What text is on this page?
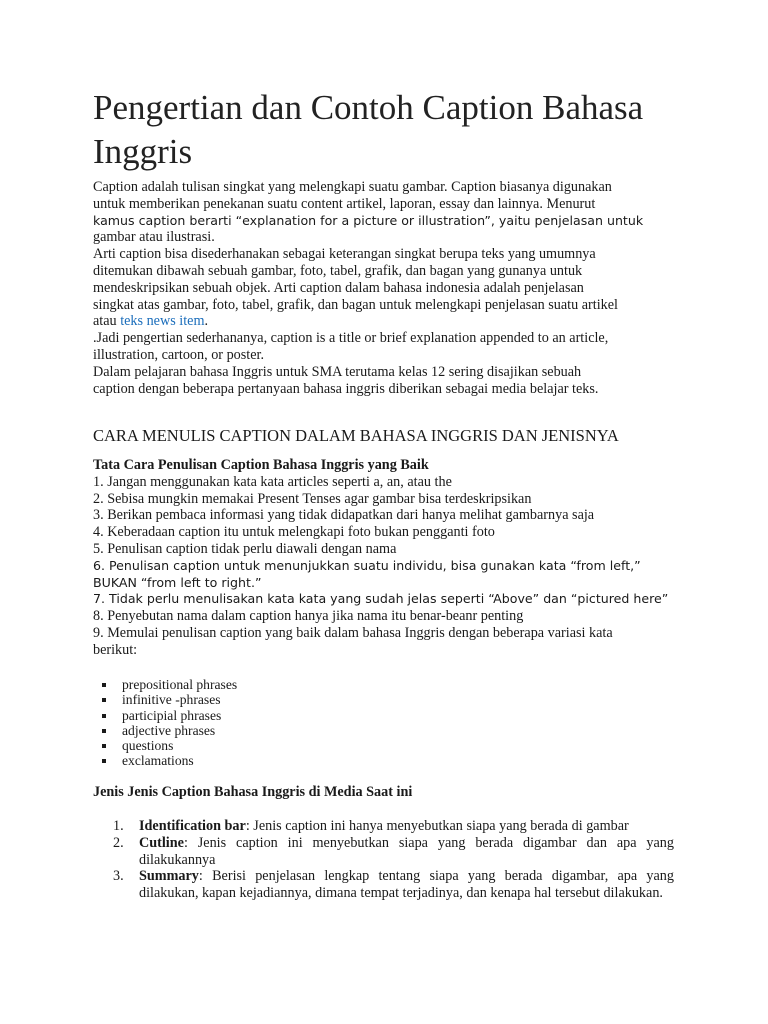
Pengertian dan Contoh Caption Bahasa Inggris
Caption adalah tulisan singkat yang melengkapi suatu gambar. Caption biasanya digunakan
untuk memberikan penekanan suatu content artikel, laporan, essay dan lainnya. Menurut
kamus caption berarti “explanation for a picture or illustration”, yaitu penjelasan untuk
gambar atau ilustrasi.
Arti caption bisa disederhanakan sebagai keterangan singkat berupa teks yang umumnya
ditemukan dibawah sebuah gambar, foto, tabel, grafik, dan bagan yang gunanya untuk
mendeskripsikan sebuah objek. Arti caption dalam bahasa indonesia adalah penjelasan
singkat atas gambar, foto, tabel, grafik, dan bagan untuk melengkapi penjelasan suatu artikel
atau teks news item.
.Jadi pengertian sederhananya, caption is a title or brief explanation appended to an article,
illustration, cartoon, or poster.
Dalam pelajaran bahasa Inggris untuk SMA terutama kelas 12 sering disajikan sebuah
caption dengan beberapa pertanyaan bahasa inggris diberikan sebagai media belajar teks.
CARA MENULIS CAPTION DALAM BAHASA INGGRIS DAN JENISNYA
Tata Cara Penulisan Caption Bahasa Inggris yang Baik
1. Jangan menggunakan kata kata articles seperti a, an, atau the
2. Sebisa mungkin memakai Present Tenses agar gambar bisa terdeskripsikan
3. Berikan pembaca informasi yang tidak didapatkan dari hanya melihat gambarnya saja
4. Keberadaan caption itu untuk melengkapi foto bukan pengganti foto
5. Penulisan caption tidak perlu diawali dengan nama
6. Penulisan caption untuk menunjukkan suatu individu, bisa gunakan kata “from left,”
BUKAN “from left to right.”
7. Tidak perlu menulisakan kata kata yang sudah jelas seperti “Above” dan “pictured here”
8. Penyebutan nama dalam caption hanya jika nama itu benar-beanr penting
9. Memulai penulisan caption yang baik dalam bahasa Inggris dengan beberapa variasi kata
berikut:
prepositional phrases
infinitive -phrases
participial phrases
adjective phrases
questions
exclamations
Jenis Jenis Caption Bahasa Inggris di Media Saat ini
1. Identification bar: Jenis caption ini hanya menyebutkan siapa yang berada di gambar
2. Cutline: Jenis caption ini menyebutkan siapa yang berada digambar dan apa yang dilakukannya
3. Summary: Berisi penjelasan lengkap tentang siapa yang berada digambar, apa yang dilakukan, kapan kejadiannya, dimana tempat terjadinya, dan kenapa hal tersebut dilakukan.
